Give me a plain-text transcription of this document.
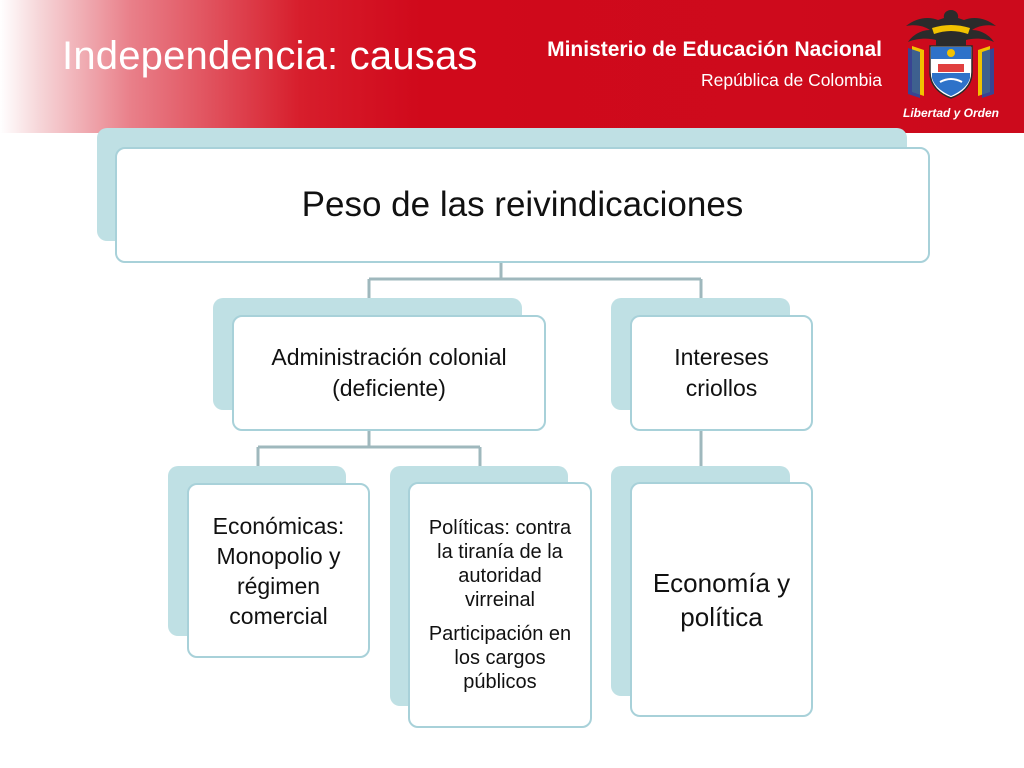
Independencia: causas	Ministerio de Educación Nacional
República de Colombia
Libertad y Orden
Peso de las reivindicaciones
Administración colonial (deficiente)
Intereses criollos
Económicas: Monopolio y régimen comercial
Políticas: contra la tiranía de la autoridad virreinal
Participación en los cargos públicos
Economía y política
